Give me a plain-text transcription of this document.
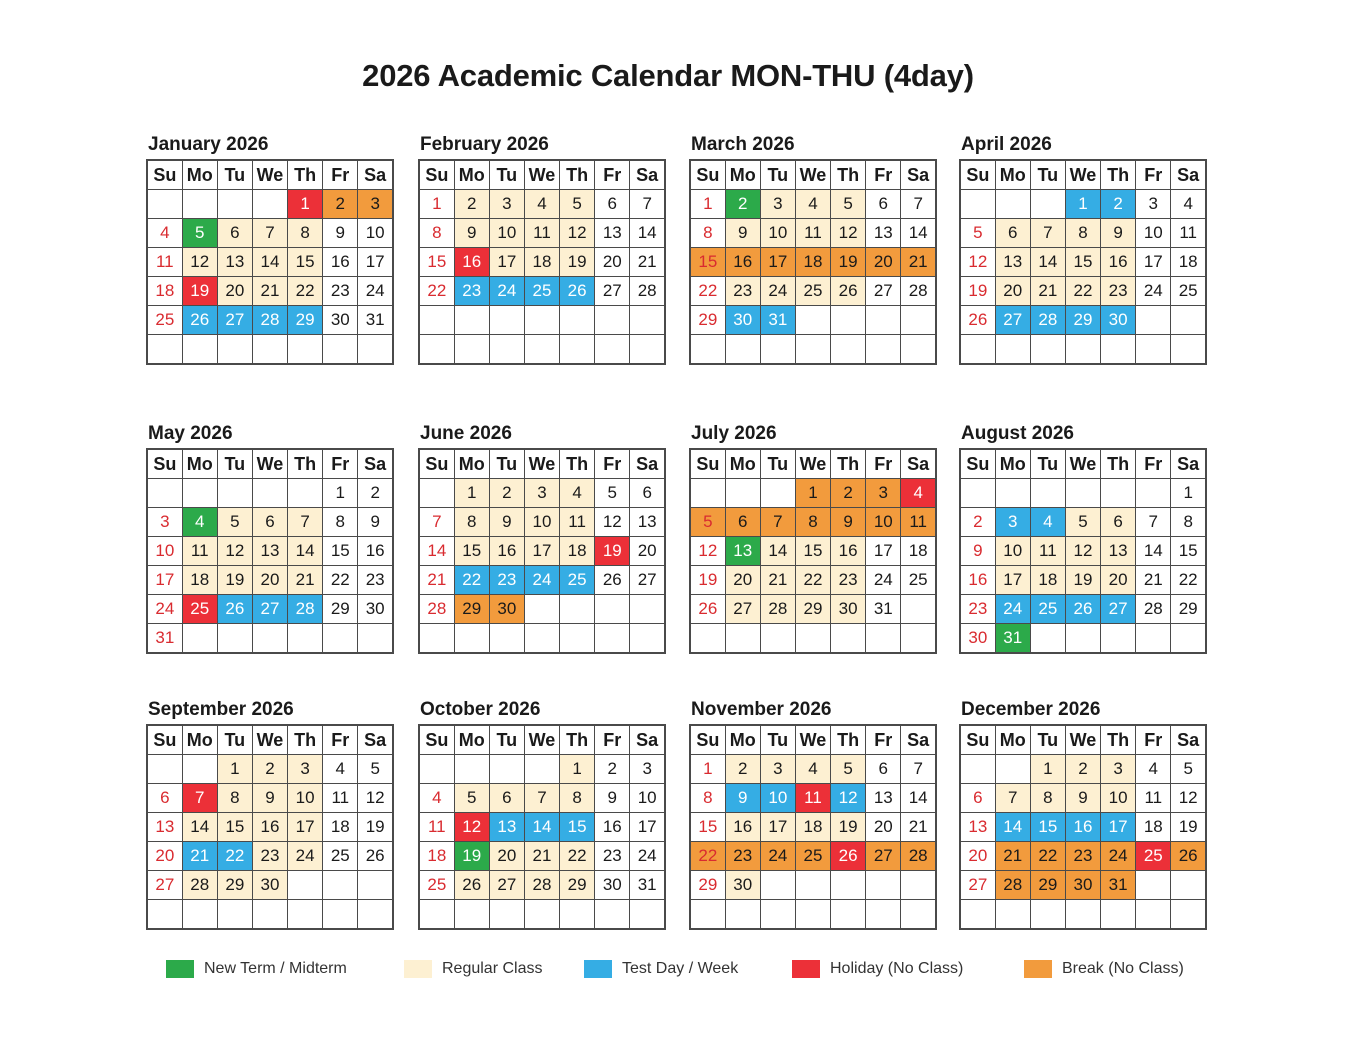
2026 Academic Calendar MON-THU (4day)
January 2026
Su	Mo	Tu	We	Th	Fr	Sa
				1	2	3
4	5	6	7	8	9	10
11	12	13	14	15	16	17
18	19	20	21	22	23	24
25	26	27	28	29	30	31

February 2026
Su	Mo	Tu	We	Th	Fr	Sa
1	2	3	4	5	6	7
8	9	10	11	12	13	14
15	16	17	18	19	20	21
22	23	24	25	26	27	28

March 2026
Su	Mo	Tu	We	Th	Fr	Sa
1	2	3	4	5	6	7
8	9	10	11	12	13	14
15	16	17	18	19	20	21
22	23	24	25	26	27	28
29	30	31				

April 2026
Su	Mo	Tu	We	Th	Fr	Sa
			1	2	3	4
5	6	7	8	9	10	11
12	13	14	15	16	17	18
19	20	21	22	23	24	25
26	27	28	29	30		

May 2026
Su	Mo	Tu	We	Th	Fr	Sa
					1	2
3	4	5	6	7	8	9
10	11	12	13	14	15	16
17	18	19	20	21	22	23
24	25	26	27	28	29	30
31						
June 2026
Su	Mo	Tu	We	Th	Fr	Sa
	1	2	3	4	5	6
7	8	9	10	11	12	13
14	15	16	17	18	19	20
21	22	23	24	25	26	27
28	29	30				

July 2026
Su	Mo	Tu	We	Th	Fr	Sa
			1	2	3	4
5	6	7	8	9	10	11
12	13	14	15	16	17	18
19	20	21	22	23	24	25
26	27	28	29	30	31	

August 2026
Su	Mo	Tu	We	Th	Fr	Sa
						1
2	3	4	5	6	7	8
9	10	11	12	13	14	15
16	17	18	19	20	21	22
23	24	25	26	27	28	29
30	31					
September 2026
Su	Mo	Tu	We	Th	Fr	Sa
		1	2	3	4	5
6	7	8	9	10	11	12
13	14	15	16	17	18	19
20	21	22	23	24	25	26
27	28	29	30			

October 2026
Su	Mo	Tu	We	Th	Fr	Sa
				1	2	3
4	5	6	7	8	9	10
11	12	13	14	15	16	17
18	19	20	21	22	23	24
25	26	27	28	29	30	31

November 2026
Su	Mo	Tu	We	Th	Fr	Sa
1	2	3	4	5	6	7
8	9	10	11	12	13	14
15	16	17	18	19	20	21
22	23	24	25	26	27	28
29	30					

December 2026
Su	Mo	Tu	We	Th	Fr	Sa
		1	2	3	4	5
6	7	8	9	10	11	12
13	14	15	16	17	18	19
20	21	22	23	24	25	26
27	28	29	30	31		

New Term / Midterm	Regular Class	Test Day / Week	Holiday (No Class)	Break (No Class)
